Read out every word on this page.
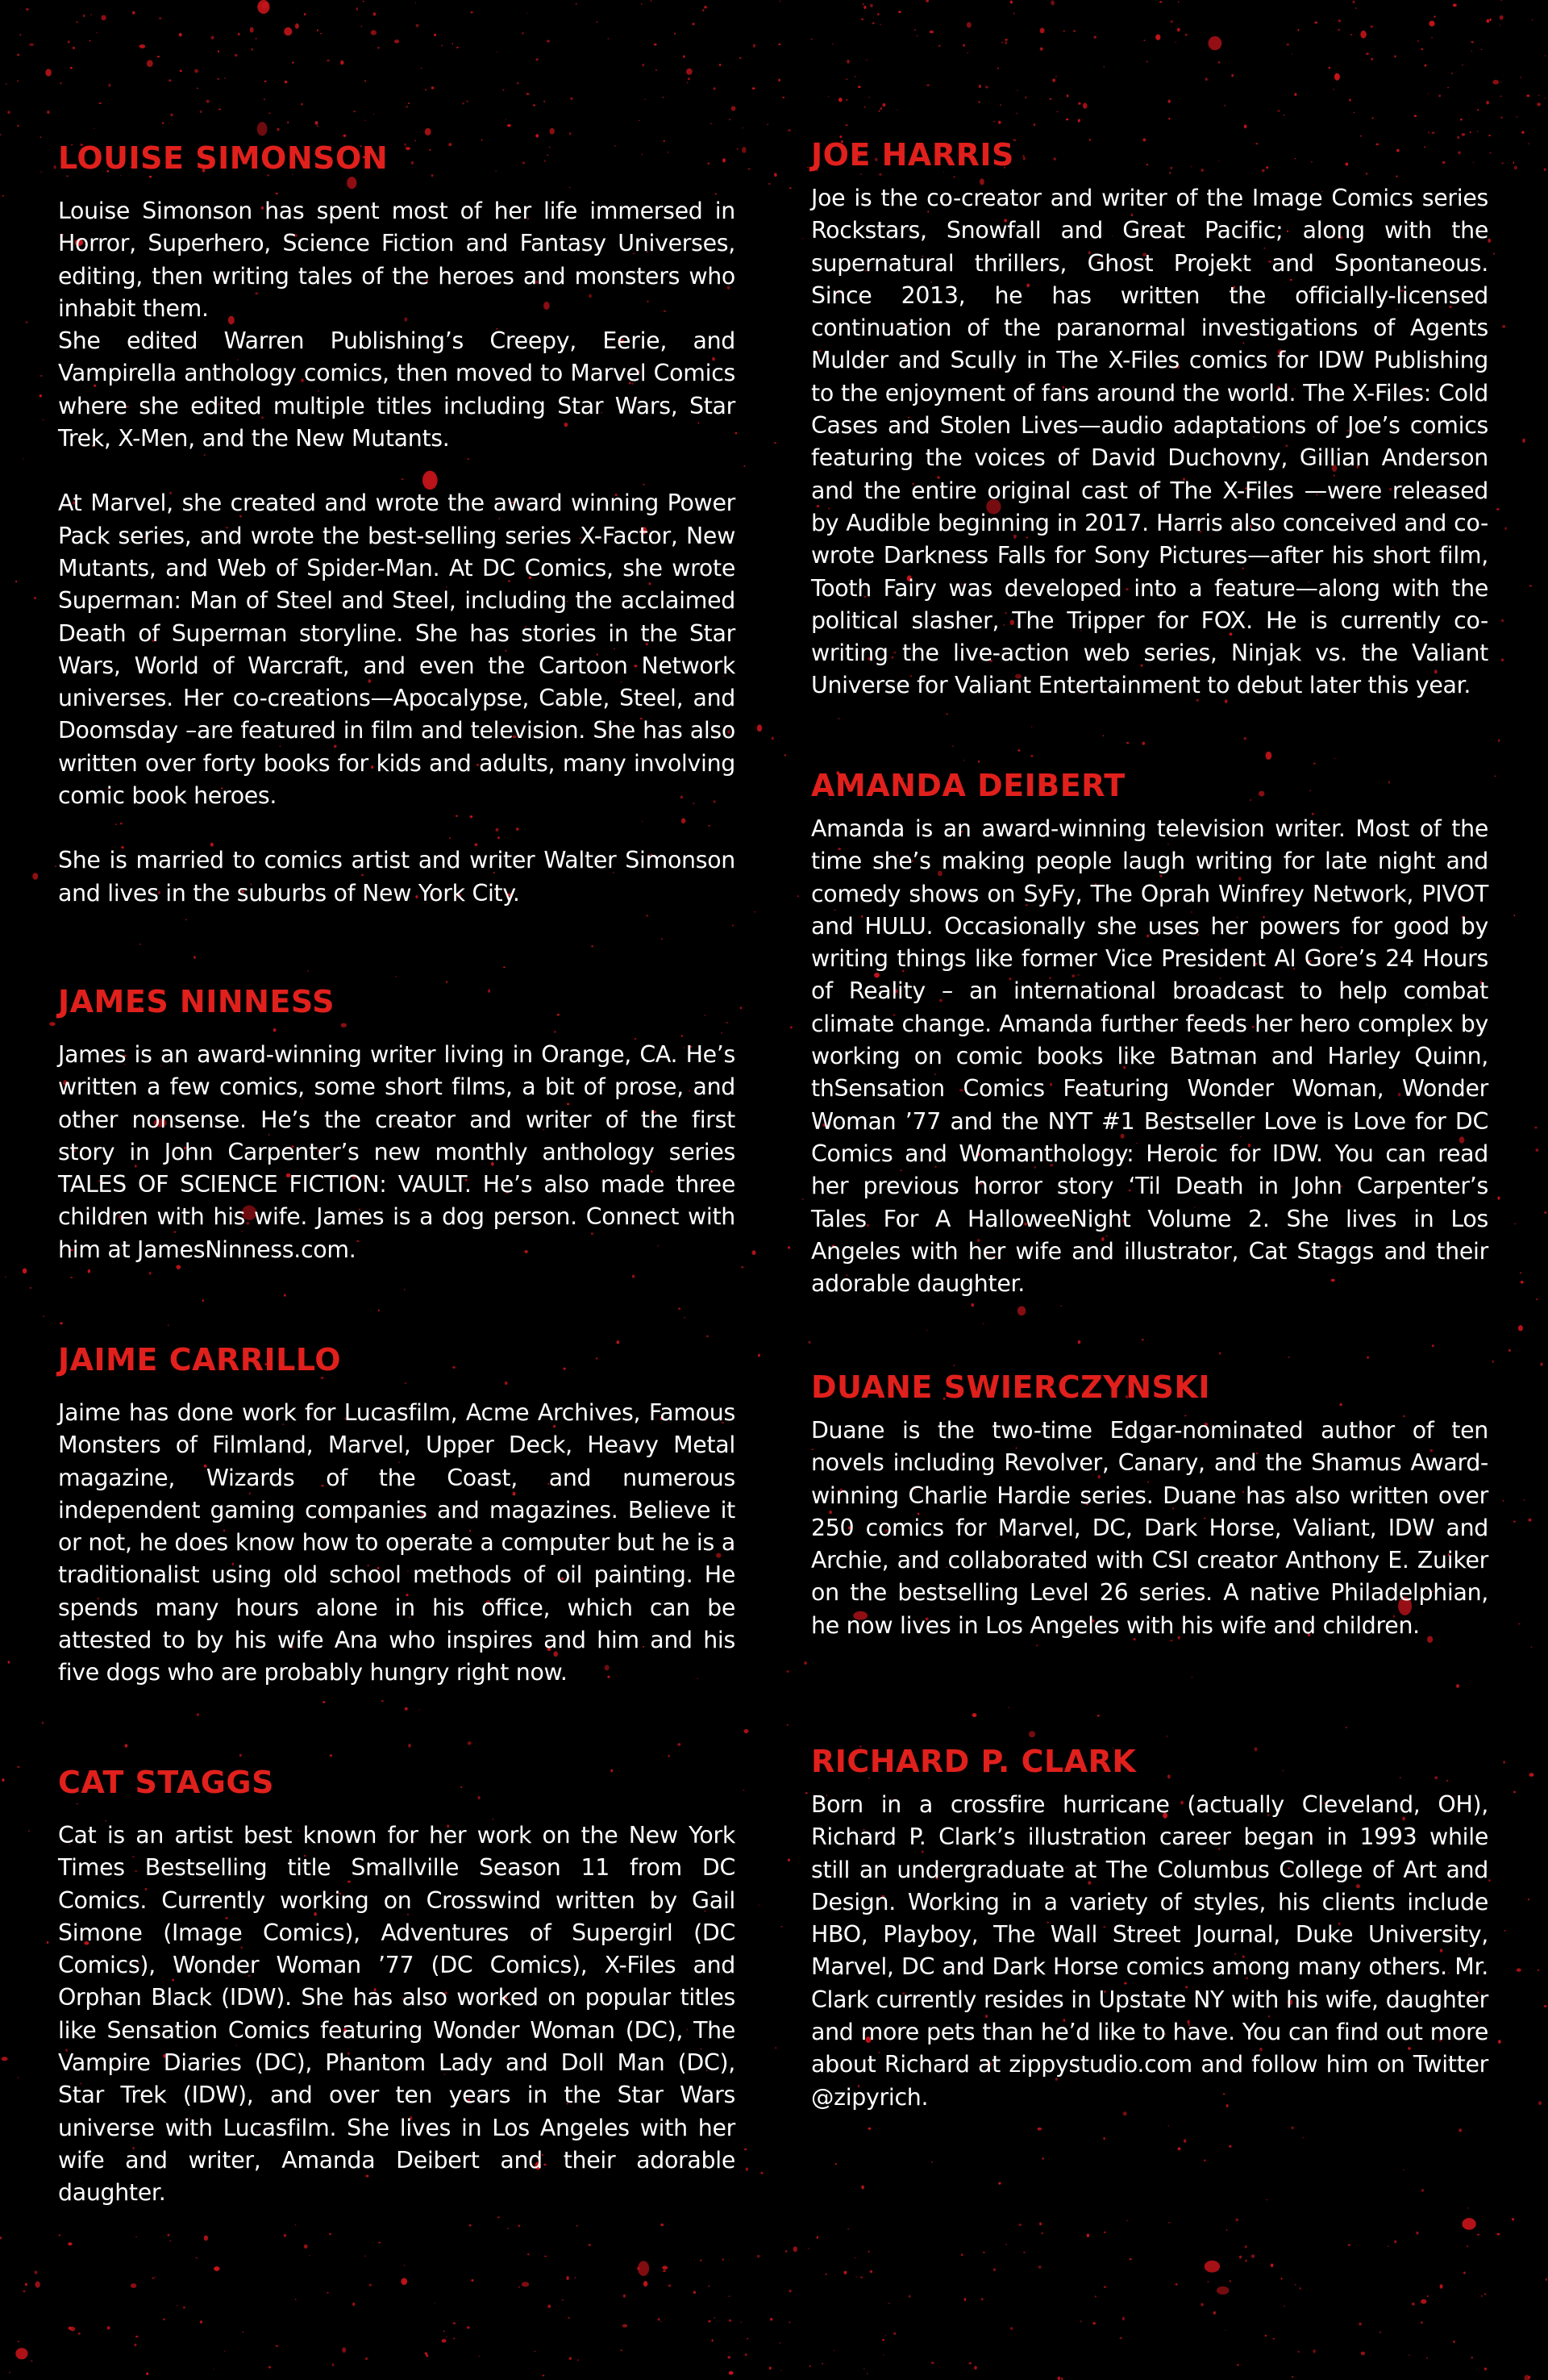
LOUISE SIMONSON

Louise Simonson has spent most of her life immersed in Horror, Superhero, Science Fiction and Fantasy Universes, editing, then writing tales of the heroes and monsters who inhabit them.

She edited Warren Publishing’s Creepy, Eerie, and Vampirella anthology comics, then moved to Marvel Comics where she edited multiple titles including Star Wars, Star Trek, X-Men, and the New Mutants.

At Marvel, she created and wrote the award winning Power Pack series, and wrote the best-selling series X-Factor, New Mutants, and Web of Spider-Man. At DC Comics, she wrote Superman: Man of Steel and Steel, including the acclaimed Death of Superman storyline. She has stories in the Star Wars, World of Warcraft, and even the Cartoon Network universes. Her co-creations—Apocalypse, Cable, Steel, and Doomsday –are featured in film and television. She has also written over forty books for kids and adults, many involving comic book heroes.

She is married to comics artist and writer Walter Simonson and lives in the suburbs of New York City.

JAMES NINNESS

James is an award-winning writer living in Orange, CA. He’s written a few comics, some short films, a bit of prose, and other nonsense. He’s the creator and writer of the first story in John Carpenter’s new monthly anthology series TALES OF SCIENCE FICTION: VAULT. He’s also made three children with his wife. James is a dog person. Connect with him at JamesNinness.com.

JAIME CARRILLO

Jaime has done work for Lucasfilm, Acme Archives, Famous Monsters of Filmland, Marvel, Upper Deck, Heavy Metal magazine, Wizards of the Coast, and numerous independent gaming companies and magazines. Believe it or not, he does know how to operate a computer but he is a traditionalist using old school methods of oil painting. He spends many hours alone in his office, which can be attested to by his wife Ana who inspires and him and his five dogs who are probably hungry right now.

CAT STAGGS

Cat is an artist best known for her work on the New York Times Bestselling title Smallville Season 11 from DC Comics. Currently working on Crosswind written by Gail Simone (Image Comics), Adventures of Supergirl (DC Comics), Wonder Woman ’77 (DC Comics), X-Files and Orphan Black (IDW). She has also worked on popular titles like Sensation Comics featuring Wonder Woman (DC), The Vampire Diaries (DC), Phantom Lady and Doll Man (DC), Star Trek (IDW), and over ten years in the Star Wars universe with Lucasfilm. She lives in Los Angeles with her wife and writer, Amanda Deibert and their adorable daughter.

JOE HARRIS

Joe is the co-creator and writer of the Image Comics series Rockstars, Snowfall and Great Pacific; along with the supernatural thrillers, Ghost Projekt and Spontaneous. Since 2013, he has written the officially-licensed continuation of the paranormal investigations of Agents Mulder and Scully in The X-Files comics for IDW Publishing to the enjoyment of fans around the world. The X-Files: Cold Cases and Stolen Lives—audio adaptations of Joe’s comics featuring the voices of David Duchovny, Gillian Anderson and the entire original cast of The X-Files —were released by Audible beginning in 2017. Harris also conceived and co-wrote Darkness Falls for Sony Pictures—after his short film, Tooth Fairy was developed into a feature—along with the political slasher, The Tripper for FOX. He is currently co-writing the live-action web series, Ninjak vs. the Valiant Universe for Valiant Entertainment to debut later this year.

AMANDA DEIBERT

Amanda is an award-winning television writer. Most of the time she’s making people laugh writing for late night and comedy shows on SyFy, The Oprah Winfrey Network, PIVOT and HULU. Occasionally she uses her powers for good by writing things like former Vice President Al Gore’s 24 Hours of Reality – an international broadcast to help combat climate change. Amanda further feeds her hero complex by working on comic books like Batman and Harley Quinn, thSensation Comics Featuring Wonder Woman, Wonder Woman ’77 and the NYT #1 Bestseller Love is Love for DC Comics and Womanthology: Heroic for IDW. You can read her previous horror story ‘Til Death in John Carpenter’s Tales For A HalloweeNight Volume 2. She lives in Los Angeles with her wife and illustrator, Cat Staggs and their adorable daughter.

DUANE SWIERCZYNSKI

Duane is the two-time Edgar-nominated author of ten novels including Revolver, Canary, and the Shamus Award- winning Charlie Hardie series. Duane has also written over 250 comics for Marvel, DC, Dark Horse, Valiant, IDW and Archie, and collaborated with CSI creator Anthony E. Zuiker on the bestselling Level 26 series. A native Philadelphian, he now lives in Los Angeles with his wife and children.

RICHARD P. CLARK

Born in a crossfire hurricane (actually Cleveland, OH), Richard P. Clark’s illustration career began in 1993 while still an undergraduate at The Columbus College of Art and Design. Working in a variety of styles, his clients include HBO, Playboy, The Wall Street Journal, Duke University, Marvel, DC and Dark Horse comics among many others. Mr. Clark currently resides in Upstate NY with his wife, daughter and more pets than he’d like to have. You can find out more about Richard at zippystudio.com and follow him on Twitter @zipyrich.
